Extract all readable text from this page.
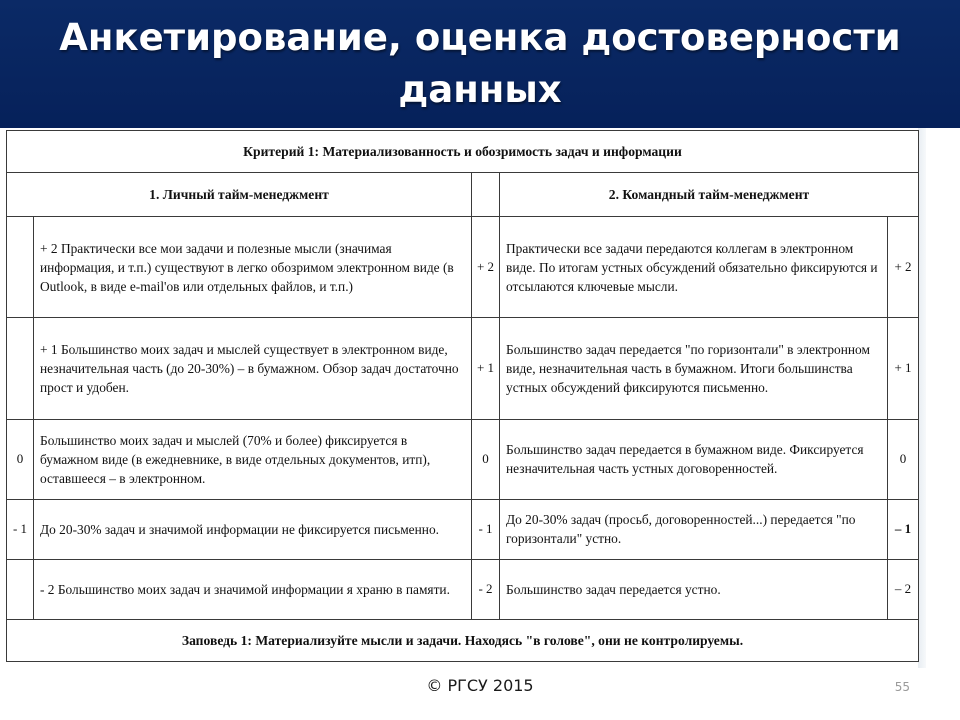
Анкетирование, оценка достоверности данных
Критерий 1: Материализованность и обозримость задач и информации				
1. Личный тайм-менеджмент			2. Командный тайм-менеджмент	
	+ 2 Практически все мои задачи и полезные мысли (значимая информация, и т.п.) существуют в легко обозримом электронном виде (в Outlook, в виде e-mail'ов или отдельных файлов, и т.п.)	+ 2	Практически все задачи передаются коллегам в электронном виде. По итогам устных обсуждений обязательно фиксируются и отсылаются ключевые мысли.	+ 2
	+ 1 Большинство моих задач и мыслей существует в электронном виде, незначительная часть (до 20-30%) – в бумажном. Обзор задач достаточно прост и удобен.	+ 1	Большинство задач передается "по горизонтали" в электронном виде, незначительная часть в бумажном. Итоги большинства устных обсуждений фиксируются письменно.	+ 1
0	Большинство моих задач и мыслей (70% и более) фиксируется в бумажном виде (в ежедневнике, в виде отдельных документов, итп), оставшееся – в электронном.	0	Большинство задач передается в бумажном виде. Фиксируется незначительная часть устных договоренностей.	0
- 1	До 20-30% задач и значимой информации не фиксируется письменно.	- 1	До 20-30% задач (просьб, договоренностей...) передается "по горизонтали" устно.	– 1
	- 2 Большинство моих задач и значимой информации я храню в памяти.	- 2	Большинство задач передается устно.	– 2
Заповедь 1: Материализуйте мысли и задачи. Находясь "в голове", они не контролируемы.				
© РГСУ 2015	55
